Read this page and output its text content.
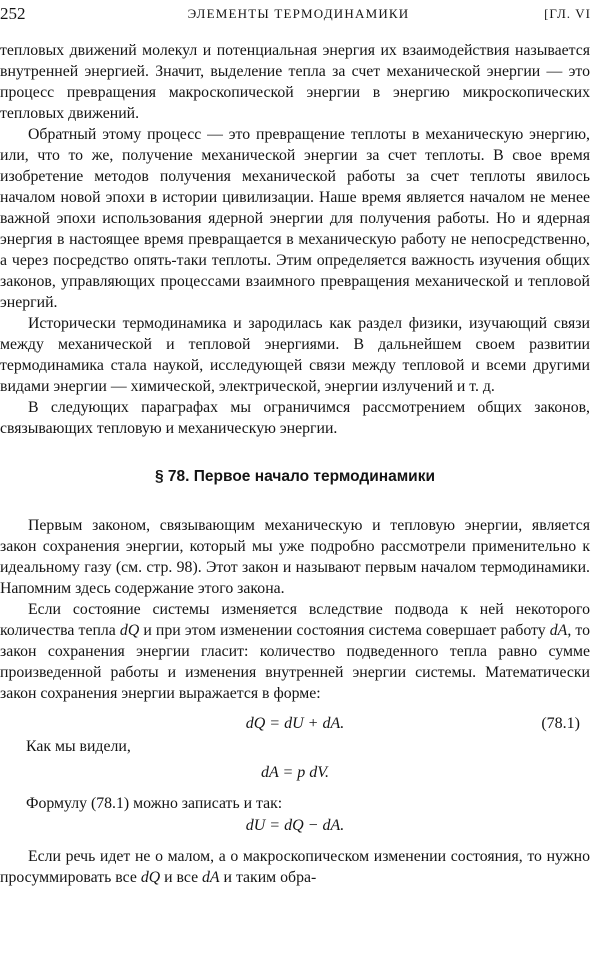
252	ЭЛЕМЕНТЫ ТЕРМОДИНАМИКИ	[ГЛ. VI

тепловых движений молекул и потенциальная энергия их взаимодействия называется внутренней энергией. Значит, выделение тепла за счет механической энергии — это процесс превращения макроскопической энергии в энергию микроскопических тепловых движений.

Обратный этому процесс — это превращение теплоты в механическую энергию, или, что то же, получение механической энергии за счет теплоты. В свое время изобретение методов получения механической работы за счет теплоты явилось началом новой эпохи в истории цивилизации. Наше время является началом не менее важной эпохи использования ядерной энергии для получения работы. Но и ядерная энергия в настоящее время превращается в механическую работу не непосредственно, а через посредство опять-таки теплоты. Этим определяется важность изучения общих законов, управляющих процессами взаимного превращения механической и тепловой энергий.

Исторически термодинамика и зародилась как раздел физики, изучающий связи между механической и тепловой энергиями. В дальнейшем своем развитии термодинамика стала наукой, исследующей связи между тепловой и всеми другими видами энергии — химической, электрической, энергии излучений и т. д.

В следующих параграфах мы ограничимся рассмотрением общих законов, связывающих тепловую и механическую энергии.

§ 78. Первое начало термодинамики

Первым законом, связывающим механическую и тепловую энергии, является закон сохранения энергии, который мы уже подробно рассмотрели применительно к идеальному газу (см. стр. 98). Этот закон и называют первым началом термодинамики. Напомним здесь содержание этого закона.

Если состояние системы изменяется вследствие подвода к ней некоторого количества тепла dQ и при этом изменении состояния система совершает работу dA, то закон сохранения энергии гласит: количество подведенного тепла равно сумме произведенной работы и изменения внутренней энергии системы. Математически закон сохранения энергии выражается в форме:

dQ = dU + dA.	(78.1)
Как мы видели,
dA = p dV.
Формулу (78.1) можно записать и так:
dU = dQ − dA.

Если речь идет не о малом, а о макроскопическом изменении состояния, то нужно просуммировать все dQ и все dA и таким обра-
